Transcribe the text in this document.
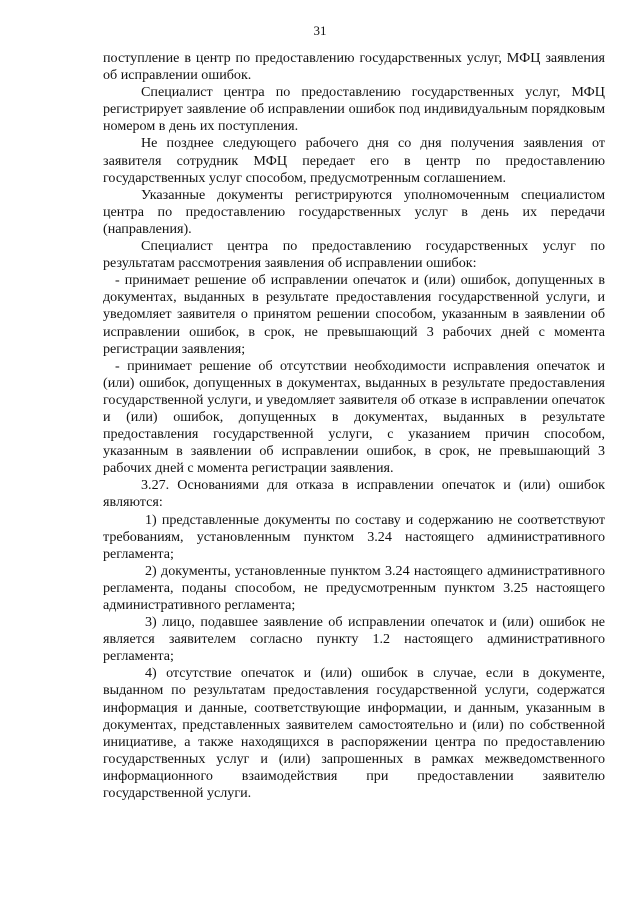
31

поступление в центр по предоставлению государственных услуг, МФЦ заявления об исправлении ошибок.

Специалист центра по предоставлению государственных услуг, МФЦ регистрирует заявление об исправлении ошибок под индивидуальным порядковым номером в день их поступления.

Не позднее следующего рабочего дня со дня получения заявления от заявителя сотрудник МФЦ передает его в центр по предоставлению государственных услуг способом, предусмотренным соглашением.

Указанные документы регистрируются уполномоченным специалистом центра по предоставлению государственных услуг в день их передачи (направления).

Специалист центра по предоставлению государственных услуг по результатам рассмотрения заявления об исправлении ошибок:

- принимает решение об исправлении опечаток и (или) ошибок, допущенных в документах, выданных в результате предоставления государственной услуги, и уведомляет заявителя о принятом решении способом, указанным в заявлении об исправлении ошибок, в срок, не превышающий 3 рабочих дней с момента регистрации заявления;

- принимает решение об отсутствии необходимости исправления опечаток и (или) ошибок, допущенных в документах, выданных в результате предоставления государственной услуги, и уведомляет заявителя об отказе в исправлении опечаток и (или) ошибок, допущенных в документах, выданных в результате предоставления государственной услуги, с указанием причин способом, указанным в заявлении об исправлении ошибок, в срок, не превышающий 3 рабочих дней с момента регистрации заявления.

3.27. Основаниями для отказа в исправлении опечаток и (или) ошибок являются:

1) представленные документы по составу и содержанию не соответствуют требованиям, установленным пунктом 3.24 настоящего административного регламента;

2) документы, установленные пунктом 3.24 настоящего административного регламента, поданы способом, не предусмотренным пунктом 3.25 настоящего административного регламента;

3) лицо, подавшее заявление об исправлении опечаток и (или) ошибок не является заявителем согласно пункту 1.2 настоящего административного регламента;

4) отсутствие опечаток и (или) ошибок в случае, если в документе, выданном по результатам предоставления государственной услуги, содержатся информация и данные, соответствующие информации, и данным, указанным в документах, представленных заявителем самостоятельно и (или) по собственной инициативе, а также находящихся в распоряжении центра по предоставлению государственных услуг и (или) запрошенных в рамках межведомственного информационного взаимодействия при предоставлении заявителю государственной услуги.
